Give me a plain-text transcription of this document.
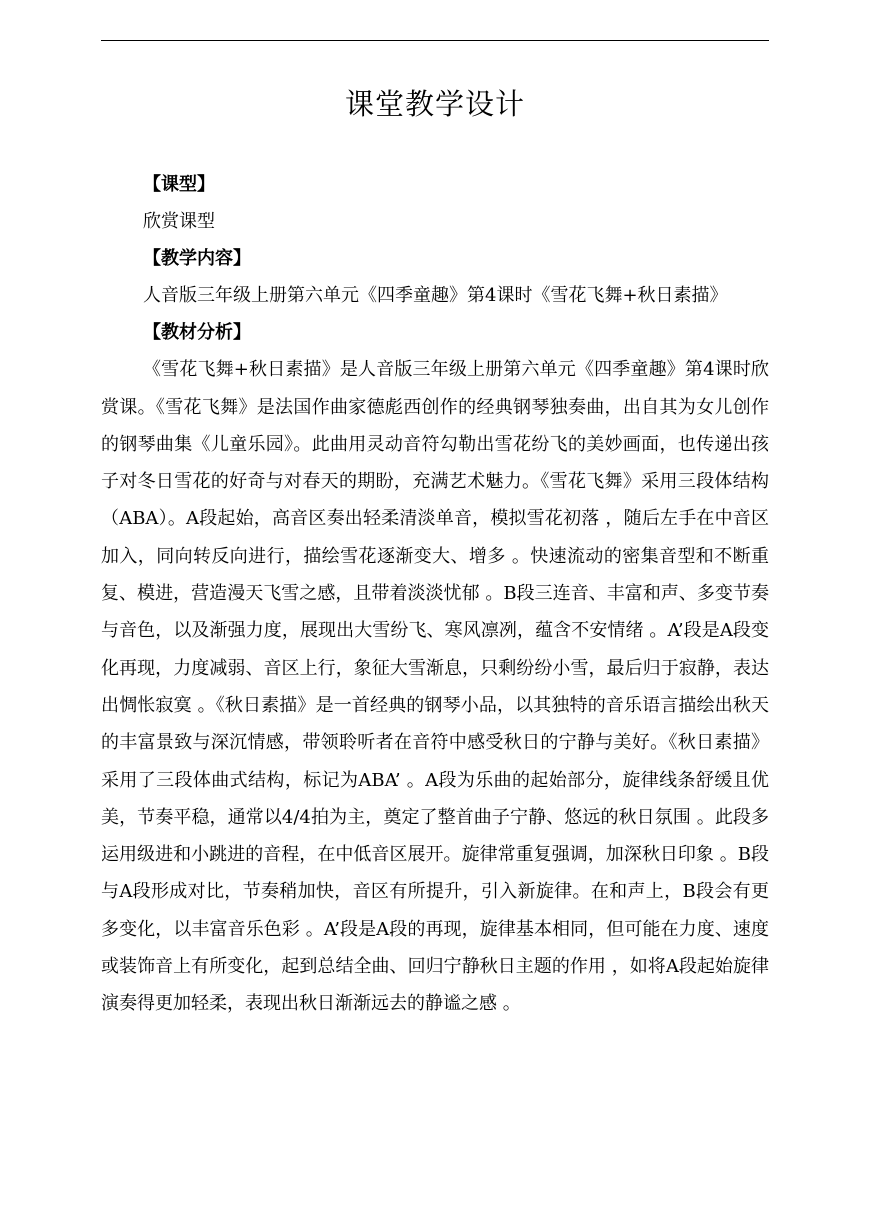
课堂教学设计
【课型】

欣赏课型

【教学内容】

人音版三年级上册第六单元《四季童趣》第4课时《雪花飞舞+秋日素描》

【教材分析】

《雪花飞舞+秋日素描》是人音版三年级上册第六单元《四季童趣》第4课时欣赏课。《雪花飞舞》是法国作曲家德彪西创作的经典钢琴独奏曲，出自其为女儿创作的钢琴曲集《儿童乐园》。此曲用灵动音符勾勒出雪花纷飞的美妙画面，也传递出孩子对冬日雪花的好奇与对春天的期盼，充满艺术魅力。《雪花飞舞》采用三段体结构（ABA）。A段起始，高音区奏出轻柔清淡单音，模拟雪花初落 ，随后左手在中音区加入，同向转反向进行，描绘雪花逐渐变大、增多 。快速流动的密集音型和不断重复、模进，营造漫天飞雪之感，且带着淡淡忧郁 。B段三连音、丰富和声、多变节奏与音色，以及渐强力度，展现出大雪纷飞、寒风凛冽，蕴含不安情绪 。A’段是A段变化再现，力度减弱、音区上行，象征大雪渐息，只剩纷纷小雪，最后归于寂静，表达出惆怅寂寞 。《秋日素描》是一首经典的钢琴小品，以其独特的音乐语言描绘出秋天的丰富景致与深沉情感，带领聆听者在音符中感受秋日的宁静与美好。《秋日素描》采用了三段体曲式结构，标记为ABA’ 。A段为乐曲的起始部分，旋律线条舒缓且优美，节奏平稳，通常以4/4拍为主，奠定了整首曲子宁静、悠远的秋日氛围 。此段多运用级进和小跳进的音程，在中低音区展开。旋律常重复强调，加深秋日印象 。B段与A段形成对比，节奏稍加快，音区有所提升，引入新旋律。在和声上，B段会有更多变化，以丰富音乐色彩 。A’段是A段的再现，旋律基本相同，但可能在力度、速度或装饰音上有所变化，起到总结全曲、回归宁静秋日主题的作用 ，如将A段起始旋律演奏得更加轻柔，表现出秋日渐渐远去的静谧之感 。
